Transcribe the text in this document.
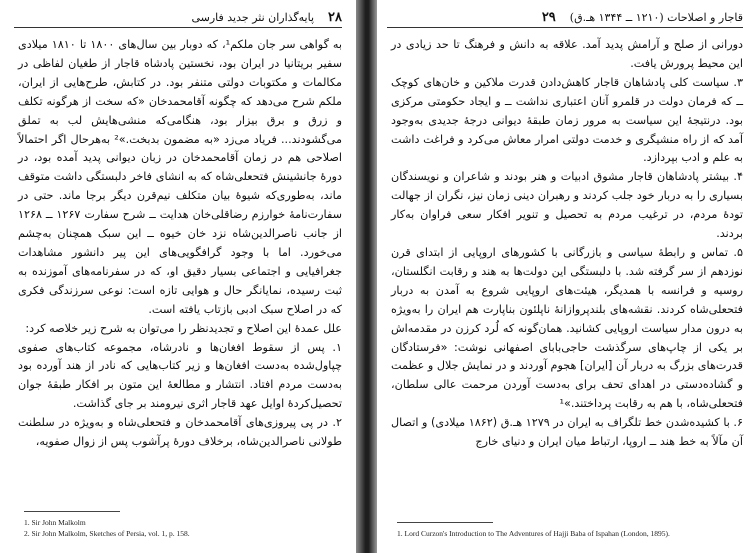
۲۸    پایه‌گذاران نثر جدید فارسی

به گواهی سر جان ملکم¹، که دوبار بین سال‌های ۱۸۰۰ تا ۱۸۱۰ میلادی سفیر بریتانیا در ایران بود، نخستین پادشاه قاجار از طغیان لفاظی در مکالمات و مکتوبات دولتی متنفر بود. در کتابش، طرح‌هایی از ایران، ملکم شرح می‌دهد که چگونه آقامحمدخان «که سخت از هرگونه تکلف و زرق و برق بیزار بود، هنگامی‌که منشی‌هایش لب به تملق می‌گشودند... فریاد می‌زد «به مضمون بدبخت.»² به‌هرحال اگر احتمالاً اصلاحی هم در زمان آقامحمدخان در زبان دیوانی پدید آمده بود، در دورهٔ جانشینش فتحعلی‌شاه که به انشای فاخر دلبستگی داشت متوقف ماند، به‌طوری‌که شیوهٔ بیان متکلف نیم‌قرن دیگر برجا ماند. حتی در سفارت‌نامهٔ خوارزم رضاقلی‌خان هدایت ــ شرح سفارت ۱۲۶۷ ــ ۱۲۶۸ از جانب ناصرالدین‌شاه نزد خان خیوه ــ این سبک همچنان به‌چشم می‌خورد. اما با وجود گرافگویی‌های این پیر دانشور مشاهدات جغرافیایی و اجتماعی بسیار دقیق او، که در سفرنامه‌های آموزنده به ثبت رسیده، نمایانگر حال و هوایی تازه است: نوعی سرزندگی فکری که در اصلاح سبک ادبی بازتاب یافته است.

علل عمدهٔ این اصلاح و تجدیدنظر را می‌توان به شرح زیر خلاصه کرد:

۱. پس از سقوط افغان‌ها و نادرشاه، مجموعه کتاب‌های صفوی چپاول‌شده به‌دست افغان‌ها و زیر کتاب‌هایی که نادر از هند آورده بود به‌دست مردم افتاد. انتشار و مطالعهٔ این متون بر افکار طبقهٔ جوان تحصیل‌کردهٔ اوایل عهد قاجار اثری نیرومند بر جای گذاشت.

۲. در پی پیروزی‌های آقامحمدخان و فتحعلی‌شاه و به‌ویژه در سلطنت طولانی ناصرالدین‌شاه، برخلاف دورهٔ پرآشوب پس از زوال صفویه،

1. Sir John Malkolm

2. Sir John Malkolm, Sketches of Persia, vol. 1, p. 158.

قاجار و اصلاحات (۱۲۱۰ ــ ۱۳۴۴ هـ.ق)    ۲۹

دورانی از صلح و آرامش پدید آمد. علاقه به دانش و فرهنگ تا حد زیادی در این محیط پرورش یافت.

۳. سیاست کلی پادشاهان قاجار کاهش‌دادن قدرت ملاکین و خان‌های کوچک ــ که فرمان دولت در قلمرو آنان اعتباری نداشت ــ و ایجاد حکومتی مرکزی بود. درنتیجهٔ این سیاست به مرور زمان طبقهٔ دیوانی درجهٔ جدیدی به‌وجود آمد که از راه منشیگری و خدمت دولتی امرار معاش می‌کرد و فراغت داشت به علم و ادب بپردازد.

۴. بیشتر پادشاهان قاجار مشوق ادبیات و هنر بودند و شاعران و نویسندگان بسیاری را به دربار خود جلب کردند و رهبران دینی زمان نیز، نگران از جهالت تودهٔ مردم، در ترغیب مردم به تحصیل و تنویر افکار سعی فراوان به‌کار بردند.

۵. تماس و رابطهٔ سیاسی و بازرگانی با کشورهای اروپایی از ابتدای قرن نوزدهم از سر گرفته شد. با دلبستگی این دولت‌ها به هند و رقابت انگلستان، روسیه و فرانسه با همدیگر، هیئت‌های اروپایی شروع به آمدن به دربار فتحعلی‌شاه کردند. نقشه‌های بلندپروازانهٔ ناپلئون بناپارت هم ایران را به‌ویژه به درون مدار سیاست اروپایی کشانید. همان‌گونه که لُرد کرزن در مقدمه‌اش بر یکی از چاپ‌های سرگذشت حاجی‌بابای اصفهانی نوشت: «فرستادگان قدرت‌های بزرگ به دربار آن [ایران] هجوم آوردند و در نمایش جلال و عظمت و گشاده‌دستی در اهدای تحف برای به‌دست آوردن مرحمت عالی سلطان، فتحعلی‌شاه، با هم به رقابت پرداختند.»¹

۶. با کشیده‌شدن خط تلگراف به ایران در ۱۲۷۹ هـ.ق (۱۸۶۲ میلادی) و اتصال آن مآلاً به خط هند ــ اروپا، ارتباط میان ایران و دنیای خارج

1. Lord Curzon's Introduction to The Adventures of Hajji Baba of Ispahan (London, 1895).
